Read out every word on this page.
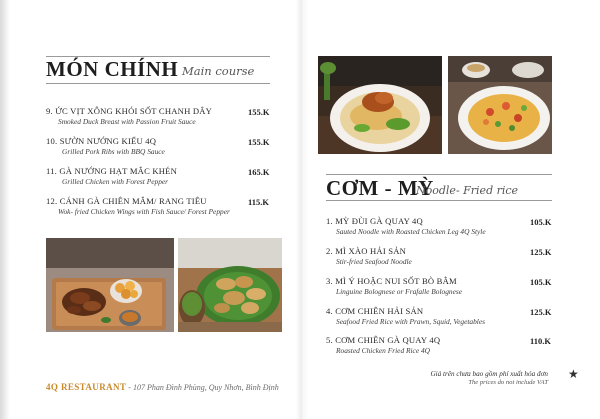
MÓN CHÍNH Main course
9. ỨC VỊT XÔNG KHÓI SỐT CHANH DÂY
Smoked Duck Breast with Passion Fruit Sauce
155.K
10. SƯỜN NƯỚNG KIỂU 4Q
Grilled Pork Ribs with BBQ Sauce
155.K
11. GÀ NƯỚNG HẠT MẮC KHÉN
Grilled Chicken with Forest Pepper
165.K
12. CÁNH GÀ CHIÊN MẮM/ RANG TIÊU
Wok- fried Chicken Wings with Fish Sauce/ Forest Pepper
115.K
4Q RESTAURANT - 107 Phan Đình Phùng, Quy Nhơn, Bình Định
CƠM - MỲ
Noodle- Fried rice
1. MỲ ĐÙI GÀ QUAY 4Q
Sauted Noodle with Roasted Chicken Leg 4Q Style
105.K
2. MÌ XÀO HẢI SẢN
Stir-fried Seafood Noodle
125.K
3. MÌ Ý HOẶC NUI SỐT BÒ BẰM
Linguine Bolognese or Frafalle Bolognese
105.K
4. CƠM CHIÊN HẢI SẢN
Seafood Fried Rice with Prawn, Squid, Vegetables
125.K
5. CƠM CHIÊN GÀ QUAY 4Q
Roasted Chicken Fried Rice 4Q
110.K
Giá trên chưa bao gồm phí xuất hóa đơn
The prices do not include VAT
★
